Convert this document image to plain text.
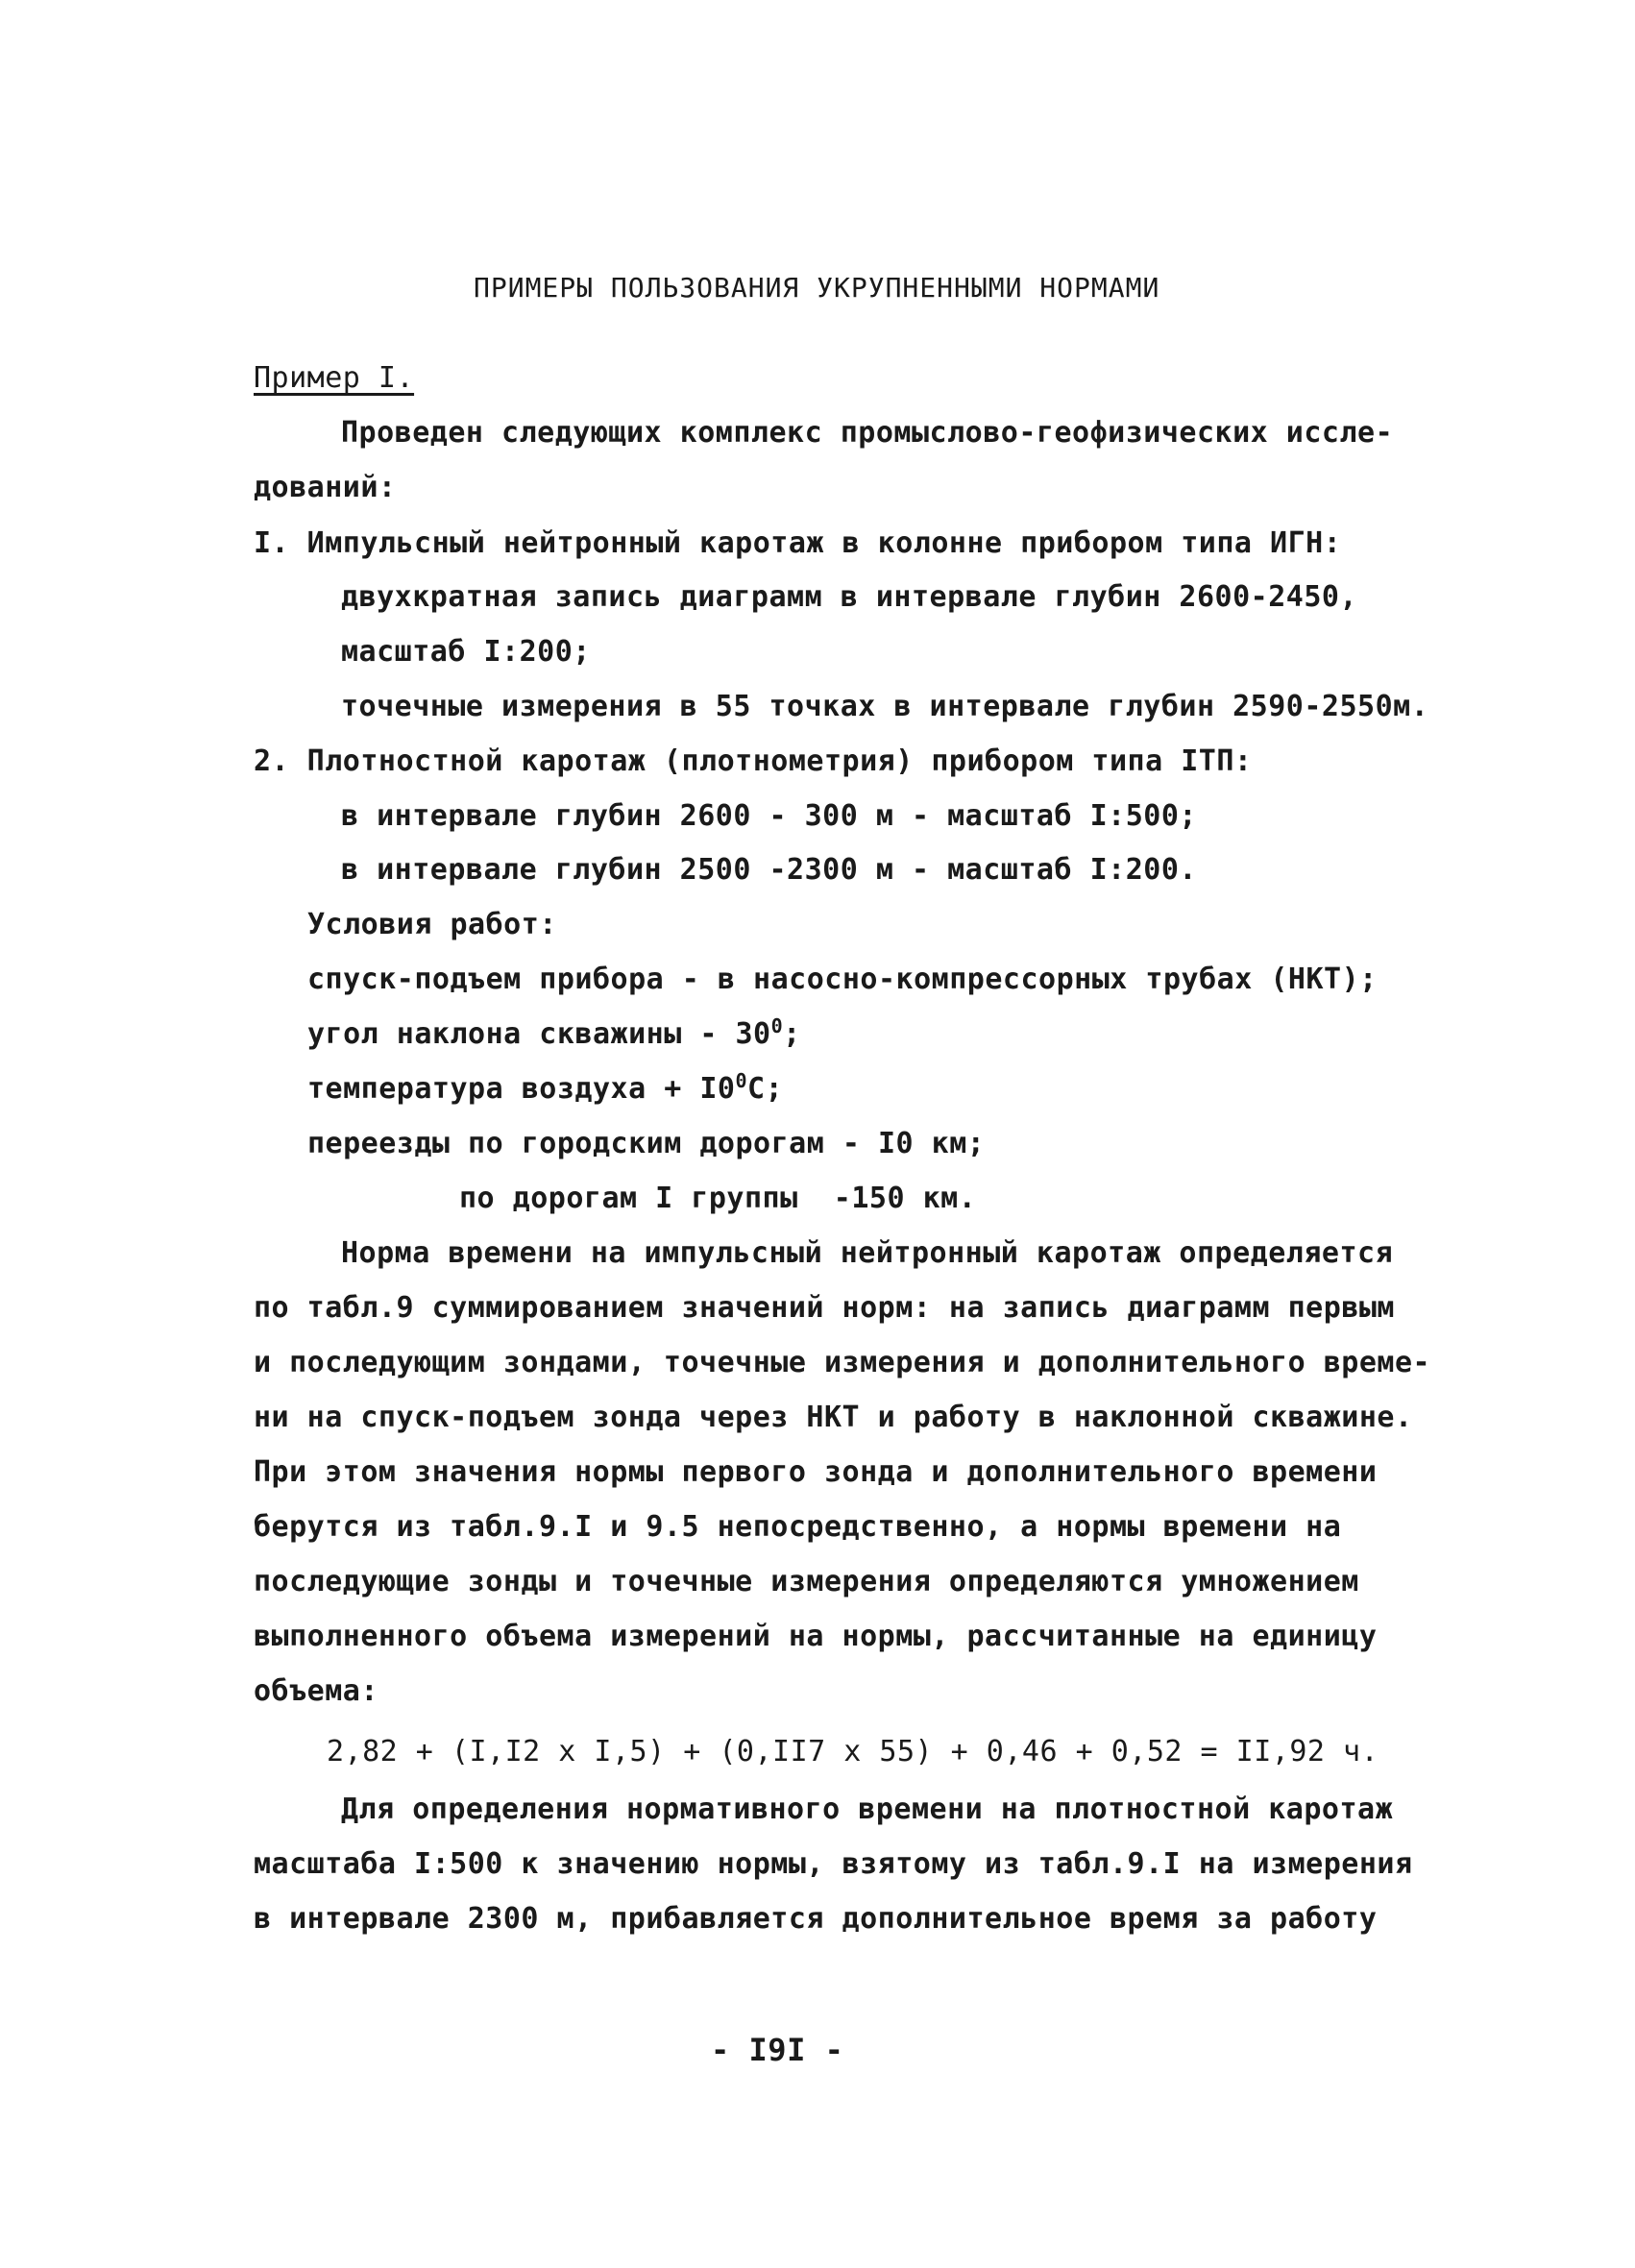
ПРИМЕРЫ ПОЛЬЗОВАНИЯ УКРУПНЕННЫМИ НОРМАМИ
Пример I.
Проведен следующих комплекс промыслово-геофизических иссле-
дований:
I. Импульсный нейтронный каротаж в колонне прибором типа ИГН:
двухкратная запись диаграмм в интервале глубин 2600-2450,
масштаб I:200;
точечные измерения в 55 точках в интервале глубин 2590-2550м.
2. Плотностной каротаж (плотнометрия) прибором типа ITП:
в интервале глубин 2600 - 300 м - масштаб I:500;
в интервале глубин 2500 -2300 м - масштаб I:200.
Условия работ:
спуск-подъем прибора - в насосно-компрессорных трубах (НКТ);
угол наклона скважины - $30^0$;
температура воздуха + $I0^0C$;
переезды по городским дорогам - I0 км;
по дорогам I группы  -150 км.
Норма времени на импульсный нейтронный каротаж определяется
по табл.9 суммированием значений норм: на запись диаграмм первым
и последующим зондами, точечные измерения и дополнительного време-
ни на спуск-подъем зонда через НКТ и работу в наклонной скважине.
При этом значения нормы первого зонда и дополнительного времени
берутся из табл.9.I и 9.5 непосредственно, а нормы времени на
последующие зонды и точечные измерения определяются умножением
выполненного объема измерений на нормы, рассчитанные на единицу
объема:
2,82 + (I,I2 x I,5) + (0,II7 x 55) + 0,46 + 0,52 = II,92 ч.
Для определения нормативного времени на плотностной каротаж
масштаба I:500 к значению нормы, взятому из табл.9.I на измерения
в интервале 2300 м, прибавляется дополнительное время за работу
- I9I -
